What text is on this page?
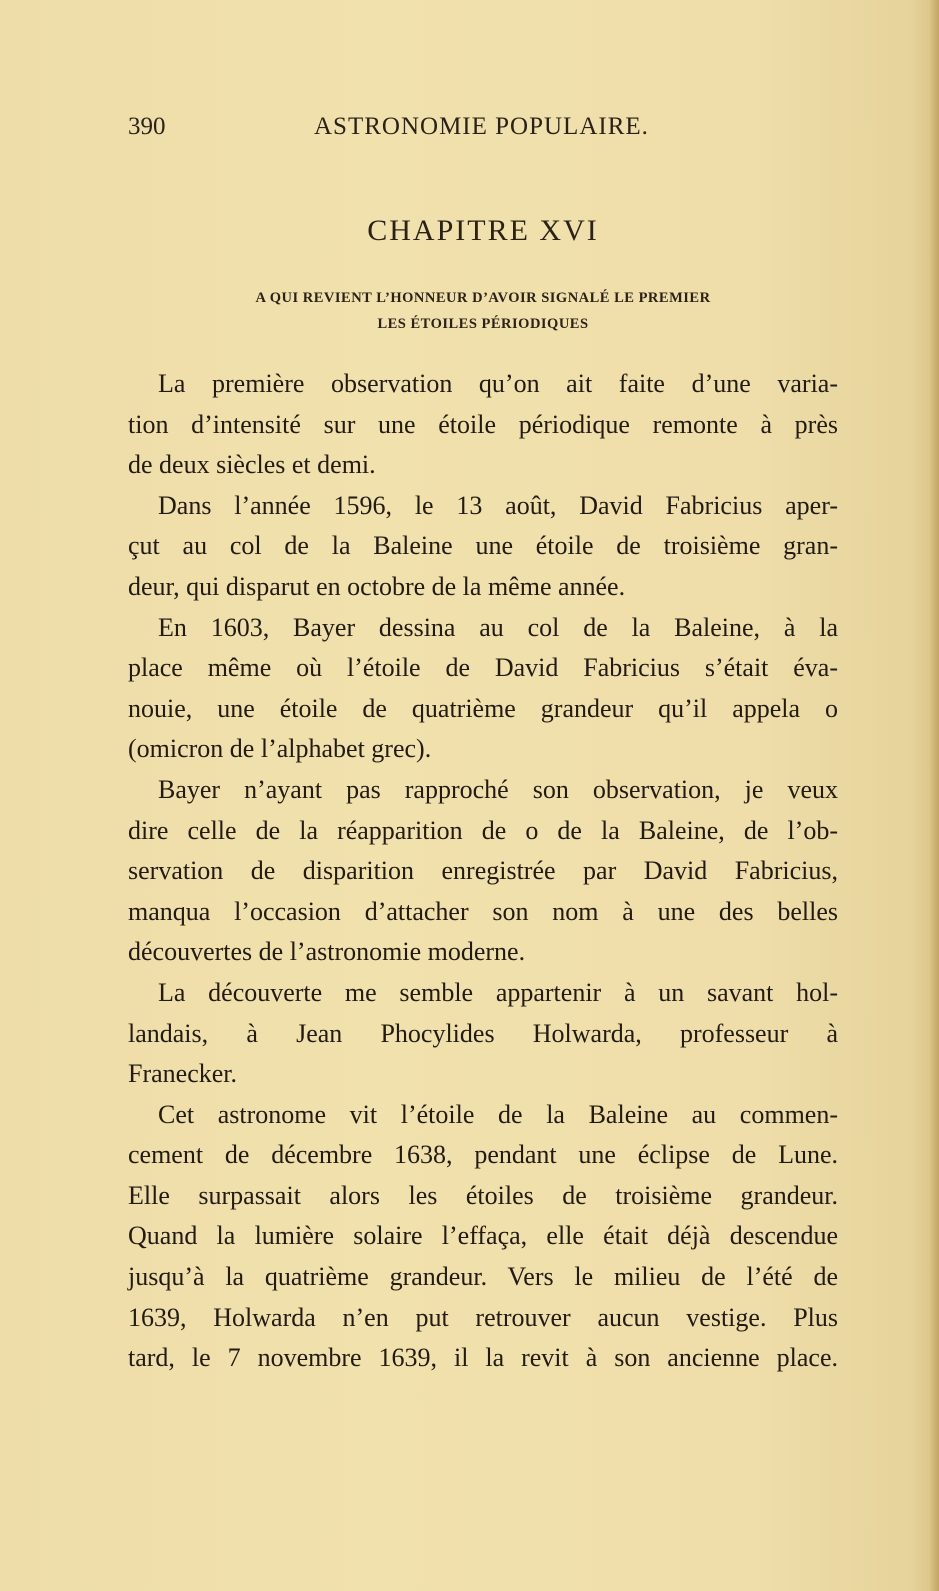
390	ASTRONOMIE POPULAIRE.
CHAPITRE XVI
A QUI REVIENT L’HONNEUR D’AVOIR SIGNALÉ LE PREMIER
LES ÉTOILES PÉRIODIQUES
La première observation qu’on ait faite d’une varia-
tion d’intensité sur une étoile périodique remonte à près
de deux siècles et demi.
Dans l’année 1596, le 13 août, David Fabricius aper-
çut au col de la Baleine une étoile de troisième gran-
deur, qui disparut en octobre de la même année.
En 1603, Bayer dessina au col de la Baleine, à la
place même où l’étoile de David Fabricius s’était éva-
nouie, une étoile de quatrième grandeur qu’il appela o
(omicron de l’alphabet grec).
Bayer n’ayant pas rapproché son observation, je veux
dire celle de la réapparition de o de la Baleine, de l’ob-
servation de disparition enregistrée par David Fabricius,
manqua l’occasion d’attacher son nom à une des belles
découvertes de l’astronomie moderne.
La découverte me semble appartenir à un savant hol-
landais, à Jean Phocylides Holwarda, professeur à
Franecker.
Cet astronome vit l’étoile de la Baleine au commen-
cement de décembre 1638, pendant une éclipse de Lune.
Elle surpassait alors les étoiles de troisième grandeur.
Quand la lumière solaire l’effaça, elle était déjà descendue
jusqu’à la quatrième grandeur. Vers le milieu de l’été de
1639, Holwarda n’en put retrouver aucun vestige. Plus
tard, le 7 novembre 1639, il la revit à son ancienne place.
